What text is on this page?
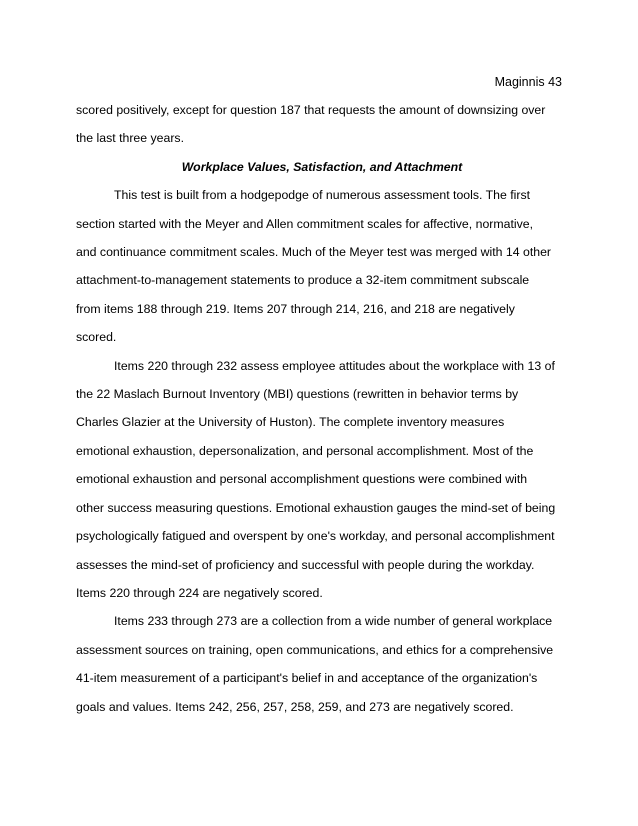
Maginnis 43

scored positively, except for question 187 that requests the amount of downsizing over
the last three years.

Workplace Values, Satisfaction, and Attachment

This test is built from a hodgepodge of numerous assessment tools. The first
section started with the Meyer and Allen commitment scales for affective, normative,
and continuance commitment scales. Much of the Meyer test was merged with 14 other
attachment-to-management statements to produce a 32-item commitment subscale
from items 188 through 219. Items 207 through 214, 216, and 218 are negatively
scored.

Items 220 through 232 assess employee attitudes about the workplace with 13 of
the 22 Maslach Burnout Inventory (MBI) questions (rewritten in behavior terms by
Charles Glazier at the University of Huston). The complete inventory measures
emotional exhaustion, depersonalization, and personal accomplishment. Most of the
emotional exhaustion and personal accomplishment questions were combined with
other success measuring questions. Emotional exhaustion gauges the mind-set of being
psychologically fatigued and overspent by one's workday, and personal accomplishment
assesses the mind-set of proficiency and successful with people during the workday.
Items 220 through 224 are negatively scored.

Items 233 through 273 are a collection from a wide number of general workplace
assessment sources on training, open communications, and ethics for a comprehensive
41-item measurement of a participant's belief in and acceptance of the organization's
goals and values. Items 242, 256, 257, 258, 259, and 273 are negatively scored.
